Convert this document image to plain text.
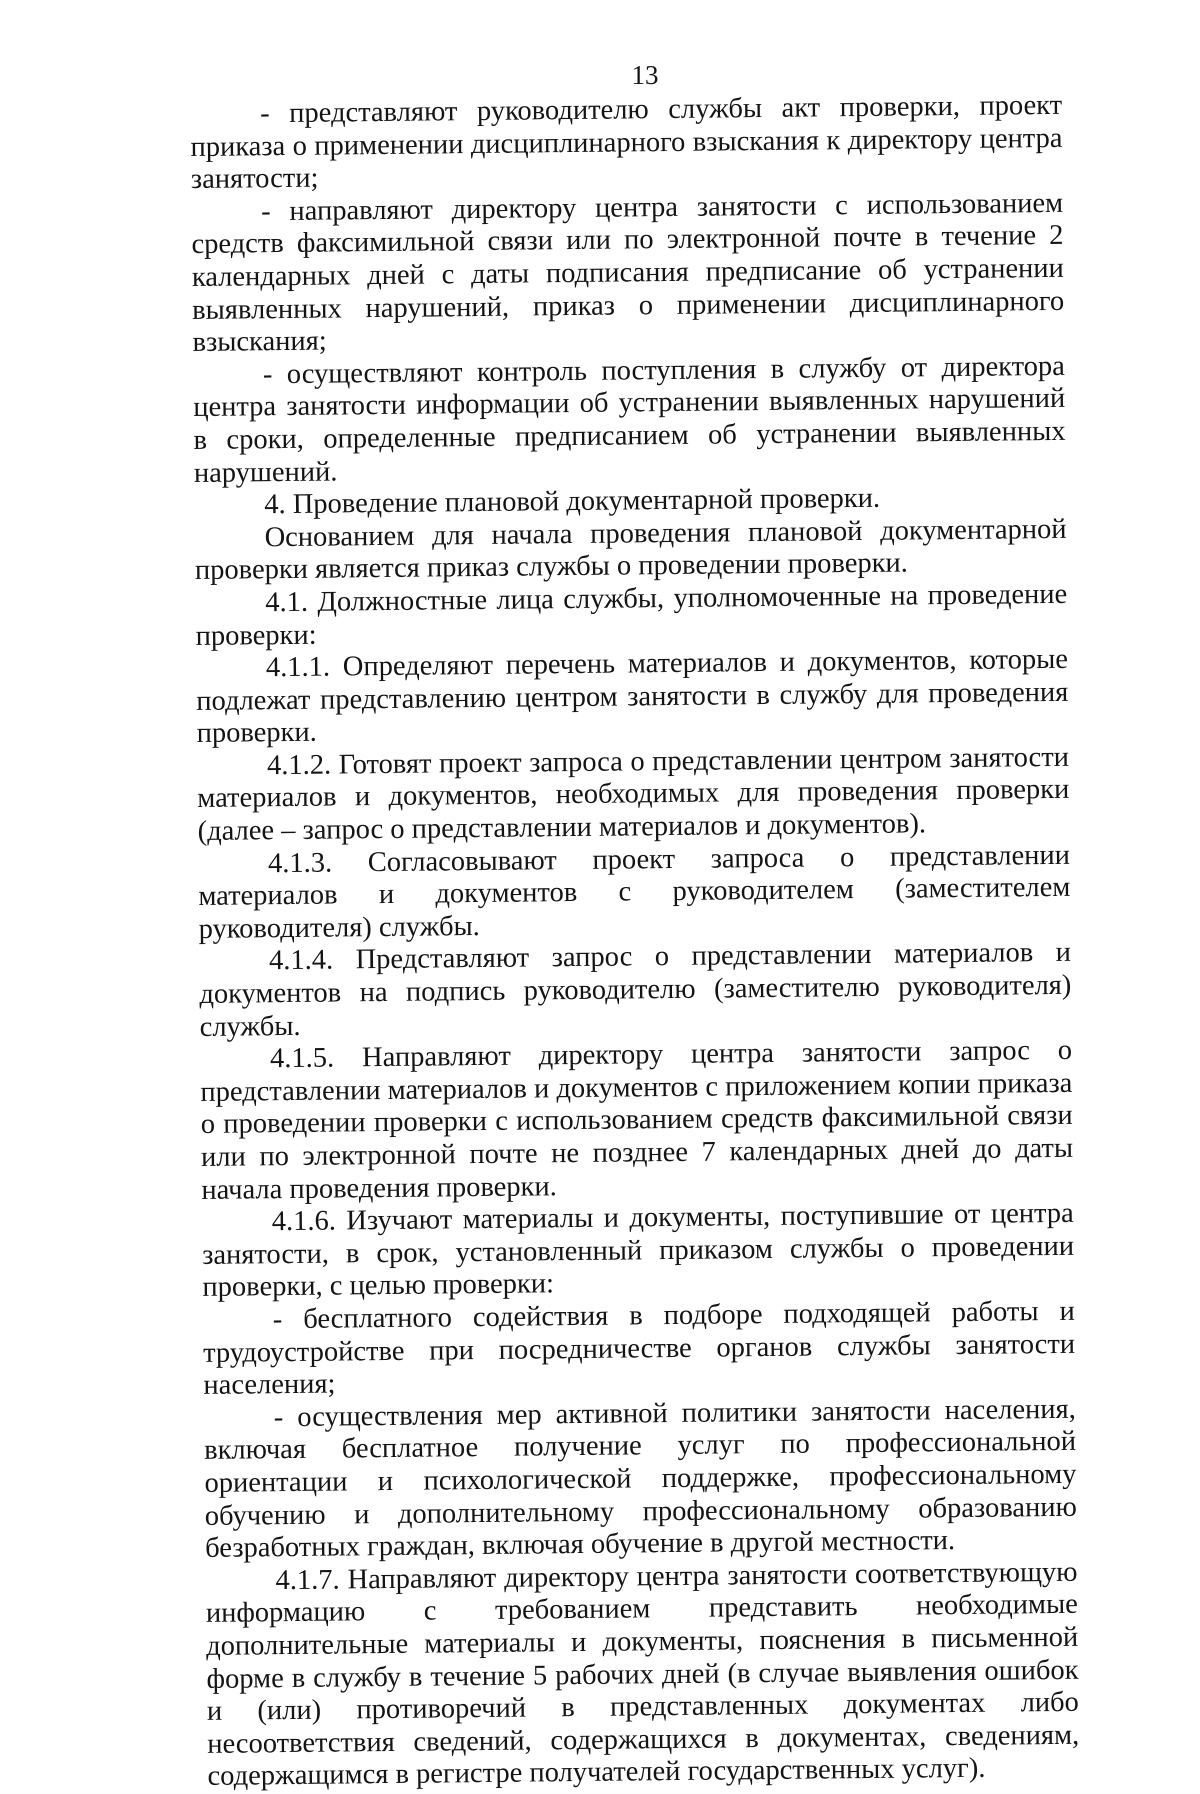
13

- представляют руководителю службы акт проверки, проект приказа о применении дисциплинарного взыскания к директору центра занятости;

- направляют директору центра занятости с использованием средств факсимильной связи или по электронной почте в течение 2 календарных дней с даты подписания предписание об устранении выявленных нарушений, приказ о применении дисциплинарного взыскания;

- осуществляют контроль поступления в службу от директора центра занятости информации об устранении выявленных нарушений в сроки, определенные предписанием об устранении выявленных нарушений.

4. Проведение плановой документарной проверки.

Основанием для начала проведения плановой документарной проверки является приказ службы о проведении проверки.

4.1. Должностные лица службы, уполномоченные на проведение проверки:

4.1.1. Определяют перечень материалов и документов, которые подлежат представлению центром занятости в службу для проведения проверки.

4.1.2. Готовят проект запроса о представлении центром занятости материалов и документов, необходимых для проведения проверки (далее – запрос о представлении материалов и документов).

4.1.3. Согласовывают проект запроса о представлении материалов и документов с руководителем (заместителем руководителя) службы.

4.1.4. Представляют запрос о представлении материалов и документов на подпись руководителю (заместителю руководителя) службы.

4.1.5. Направляют директору центра занятости запрос о представлении материалов и документов с приложением копии приказа о проведении проверки с использованием средств факсимильной связи или по электронной почте не позднее 7 календарных дней до даты начала проведения проверки.

4.1.6. Изучают материалы и документы, поступившие от центра занятости, в срок, установленный приказом службы о проведении проверки, с целью проверки:

- бесплатного содействия в подборе подходящей работы и трудоустройстве при посредничестве органов службы занятости населения;

- осуществления мер активной политики занятости населения, включая бесплатное получение услуг по профессиональной ориентации и психологической поддержке, профессиональному обучению и дополнительному профессиональному образованию безработных граждан, включая обучение в другой местности.

4.1.7. Направляют директору центра занятости соответствующую информацию с требованием представить необходимые дополнительные материалы и документы, пояснения в письменной форме в службу в течение 5 рабочих дней (в случае выявления ошибок и (или) противоречий в представленных документах либо несоответствия сведений, содержащихся в документах, сведениям, содержащимся в регистре получателей государственных услуг).
